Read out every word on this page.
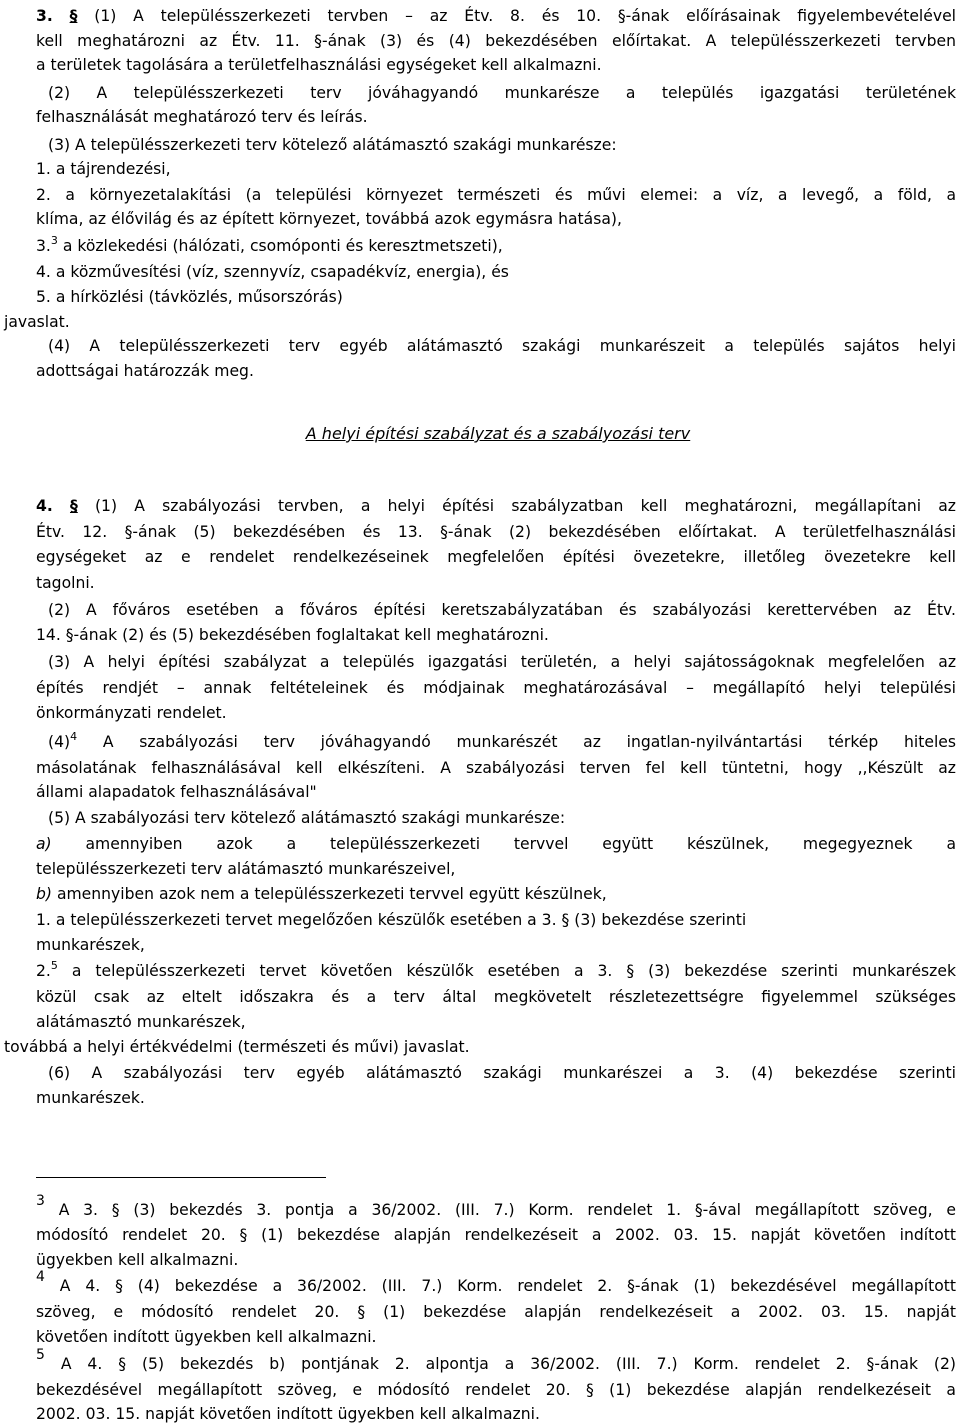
3. § (1) A településszerkezeti tervben – az Étv. 8. és 10. §-ának előírásainak figyelembevételével
kell meghatározni az Étv. 11. §-ának (3) és (4) bekezdésében előírtakat. A településszerkezeti tervben
a területek tagolására a területfelhasználási egységeket kell alkalmazni.
(2) A településszerkezeti terv jóváhagyandó munkarésze a település igazgatási területének
felhasználását meghatározó terv és leírás.
(3) A településszerkezeti terv kötelező alátámasztó szakági munkarésze:
1. a tájrendezési,
2. a környezetalakítási (a települési környezet természeti és művi elemei: a víz, a levegő, a föld, a
klíma, az élővilág és az épített környezet, továbbá azok egymásra hatása),
3.$^3$ a közlekedési (hálózati, csomóponti és keresztmetszeti),
4. a közművesítési (víz, szennyvíz, csapadékvíz, energia), és
5. a hírközlési (távközlés, műsorszórás)
javaslat.
(4) A településszerkezeti terv egyéb alátámasztó szakági munkarészeit a település sajátos helyi
adottságai határozzák meg.
A helyi építési szabályzat és a szabályozási terv
4. § (1) A szabályozási tervben, a helyi építési szabályzatban kell meghatározni, megállapítani az
Étv. 12. §-ának (5) bekezdésében és 13. §-ának (2) bekezdésében előírtakat. A területfelhasználási
egységeket az e rendelet rendelkezéseinek megfelelően építési övezetekre, illetőleg övezetekre kell
tagolni.
(2) A főváros esetében a főváros építési keretszabályzatában és szabályozási kerettervében az Étv.
14. §-ának (2) és (5) bekezdésében foglaltakat kell meghatározni.
(3) A helyi építési szabályzat a település igazgatási területén, a helyi sajátosságoknak megfelelően az
építés rendjét – annak feltételeinek és módjainak meghatározásával – megállapító helyi települési
önkormányzati rendelet.
$(4)^4$ A szabályozási terv jóváhagyandó munkarészét az ingatlan-nyilvántartási térkép hiteles
másolatának felhasználásával kell elkészíteni. A szabályozási terven fel kell tüntetni, hogy ,,Készült az
állami alapadatok felhasználásával"
(5) A szabályozási terv kötelező alátámasztó szakági munkarésze:
a) amennyiben azok a településszerkezeti tervvel együtt készülnek, megegyeznek a
településszerkezeti terv alátámasztó munkarészeivel,
b) amennyiben azok nem a településszerkezeti tervvel együtt készülnek,
1. a településszerkezeti tervet megelőzően készülők esetében a 3. § (3) bekezdése szerinti
munkarészek,
2.$^5$ a településszerkezeti tervet követően készülők esetében a 3. § (3) bekezdése szerinti munkarészek
közül csak az eltelt időszakra és a terv által megkövetelt részletezettségre figyelemmel szükséges
alátámasztó munkarészek,
továbbá a helyi értékvédelmi (természeti és művi) javaslat.
(6) A szabályozási terv egyéb alátámasztó szakági munkarészei a 3. (4) bekezdése szerinti
munkarészek.
$^3$ A 3. § (3) bekezdés 3. pontja a 36/2002. (III. 7.) Korm. rendelet 1. §-ával megállapított szöveg, e
módosító rendelet 20. § (1) bekezdése alapján rendelkezéseit a 2002. 03. 15. napját követően indított
ügyekben kell alkalmazni.
$^4$ A 4. § (4) bekezdése a 36/2002. (III. 7.) Korm. rendelet 2. §-ának (1) bekezdésével megállapított
szöveg, e módosító rendelet 20. § (1) bekezdése alapján rendelkezéseit a 2002. 03. 15. napját
követően indított ügyekben kell alkalmazni.
$^5$ A 4. § (5) bekezdés b) pontjának 2. alpontja a 36/2002. (III. 7.) Korm. rendelet 2. §-ának (2)
bekezdésével megállapított szöveg, e módosító rendelet 20. § (1) bekezdése alapján rendelkezéseit a
2002. 03. 15. napját követően indított ügyekben kell alkalmazni.
